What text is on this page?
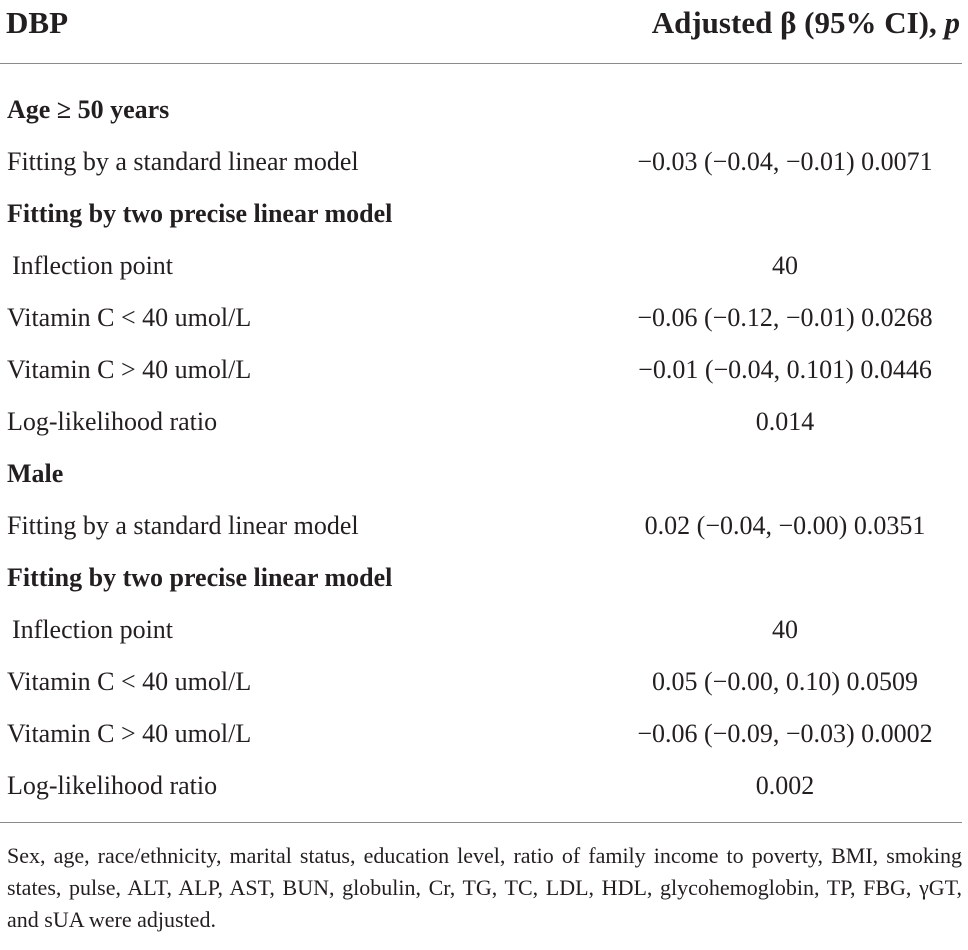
DBP	Adjusted β (95% CI), p
Age ≥ 50 years
Fitting by a standard linear model	−0.03 (−0.04, −0.01) 0.0071
Fitting by two precise linear model
Inflection point	40
Vitamin C < 40 umol/L	−0.06 (−0.12, −0.01) 0.0268
Vitamin C > 40 umol/L	−0.01 (−0.04, 0.101) 0.0446
Log-likelihood ratio	0.014
Male
Fitting by a standard linear model	0.02 (−0.04, −0.00) 0.0351
Fitting by two precise linear model
Inflection point	40
Vitamin C < 40 umol/L	0.05 (−0.00, 0.10) 0.0509
Vitamin C > 40 umol/L	−0.06 (−0.09, −0.03) 0.0002
Log-likelihood ratio	0.002
Sex, age, race/ethnicity, marital status, education level, ratio of family income to poverty, BMI, smoking states, pulse, ALT, ALP, AST, BUN, globulin, Cr, TG, TC, LDL, HDL, glycohemoglobin, TP, FBG, γGT, and sUA were adjusted.
